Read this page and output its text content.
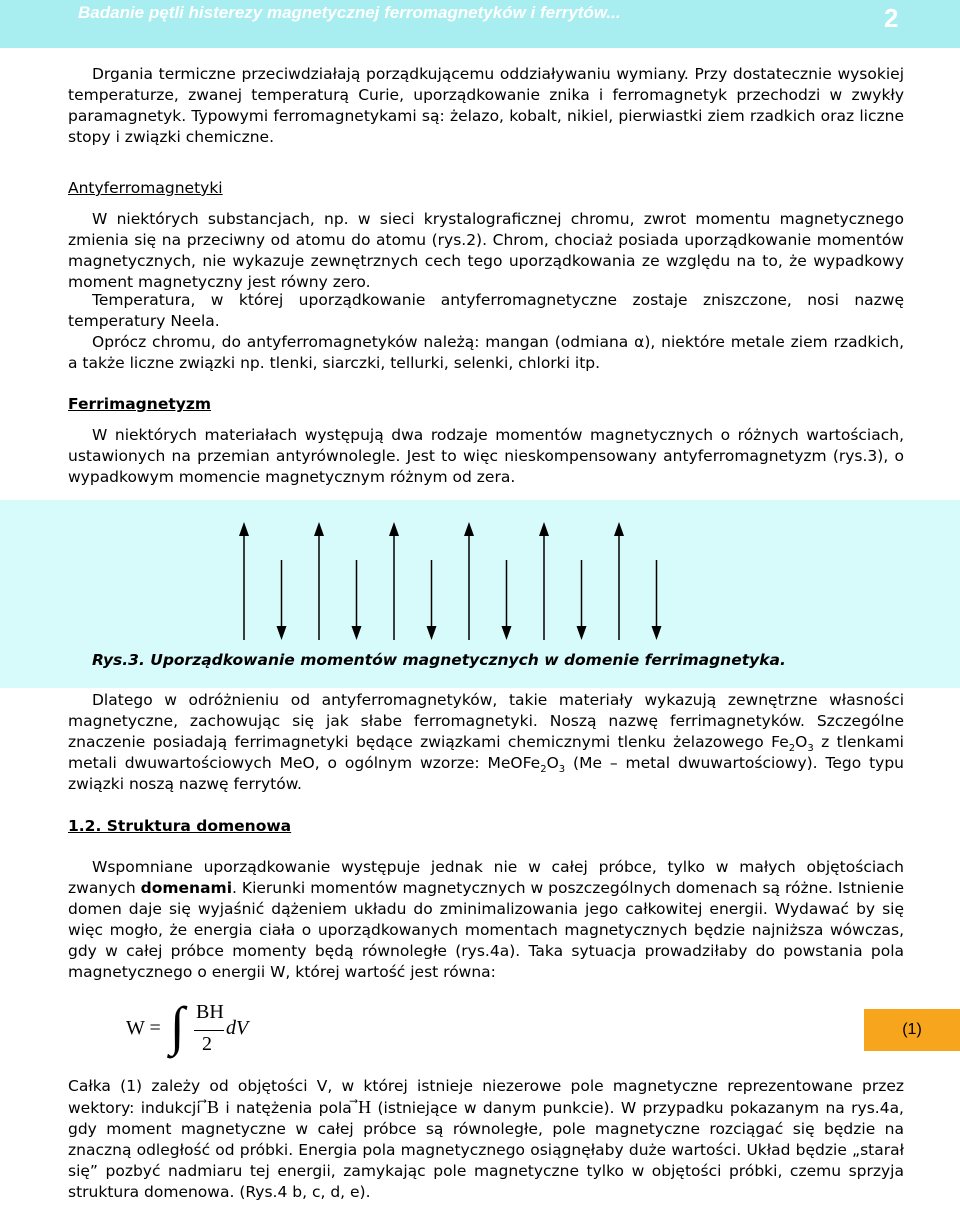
Badanie pętli histerezy magnetycznej ferromagnetyków i ferrytów...	2

Drgania termiczne przeciwdziałają porządkującemu oddziaływaniu wymiany. Przy dostatecznie wysokiej temperaturze, zwanej temperaturą Curie, uporządkowanie znika i ferromagnetyk przechodzi w zwykły paramagnetyk. Typowymi ferromagnetykami są: żelazo, kobalt, nikiel, pierwiastki ziem rzadkich oraz liczne stopy i związki chemiczne.

Antyferromagnetyki

W niektórych substancjach, np. w sieci krystalograficznej chromu, zwrot momentu magnetycznego zmienia się na przeciwny od atomu do atomu (rys.2). Chrom, chociaż posiada uporządkowanie momentów magnetycznych, nie wykazuje zewnętrznych cech tego uporządkowania ze względu na to, że wypadkowy moment magnetyczny jest równy zero.

Temperatura, w której uporządkowanie antyferromagnetyczne zostaje zniszczone, nosi nazwę temperatury Neela.

Oprócz chromu, do antyferromagnetyków należą: mangan (odmiana α), niektóre metale ziem rzadkich, a także liczne związki np. tlenki, siarczki, tellurki, selenki, chlorki itp.

Ferrimagnetyzm

W niektórych materiałach występują dwa rodzaje momentów magnetycznych o różnych wartościach, ustawionych na przemian antyrównolegle. Jest to więc nieskompensowany antyferromagnetyzm (rys.3), o wypadkowym momencie magnetycznym różnym od zera.

Rys.3. Uporządkowanie momentów magnetycznych w domenie ferrimagnetyka.

Dlatego w odróżnieniu od antyferromagnetyków, takie materiały wykazują zewnętrzne własności magnetyczne, zachowując się jak słabe ferromagnetyki. Noszą nazwę ferrimagnetyków. Szczególne znaczenie posiadają ferrimagnetyki będące związkami chemicznymi tlenku żelazowego $Fe_2O_3$ z tlenkami metali dwuwartościowych MeO, o ogólnym wzorze: $MeOFe_2O_3$ (Me – metal dwuwartościowy). Tego typu związki noszą nazwę ferrytów.

1.2. Struktura domenowa

Wspomniane uporządkowanie występuje jednak nie w całej próbce, tylko w małych objętościach zwanych domenami. Kierunki momentów magnetycznych w poszczególnych domenach są różne. Istnienie domen daje się wyjaśnić dążeniem układu do zminimalizowania jego całkowitej energii. Wydawać by się więc mogło, że energia ciała o uporządkowanych momentach magnetycznych będzie najniższa wówczas, gdy w całej próbce momenty będą równoległe (rys.4a). Taka sytuacja prowadziłaby do powstania pola magnetycznego o energii W, której wartość jest równa:

W = ∫ BH
2
dV	(1)

Całka (1) zależy od objętości V, w której istnieje niezerowe pole magnetyczne reprezentowane przez wektory: indukcji B i natężenia pola H (istniejące w danym punkcie). W przypadku pokazanym na rys.4a, gdy moment magnetyczne w całej próbce są równoległe, pole magnetyczne rozciągać się będzie na znaczną odległość od próbki. Energia pola magnetycznego osiągnęłaby duże wartości. Układ będzie „starał się” pozbyć nadmiaru tej energii, zamykając pole magnetyczne tylko w objętości próbki, czemu sprzyja struktura domenowa. (Rys.4 b, c, d, e).
